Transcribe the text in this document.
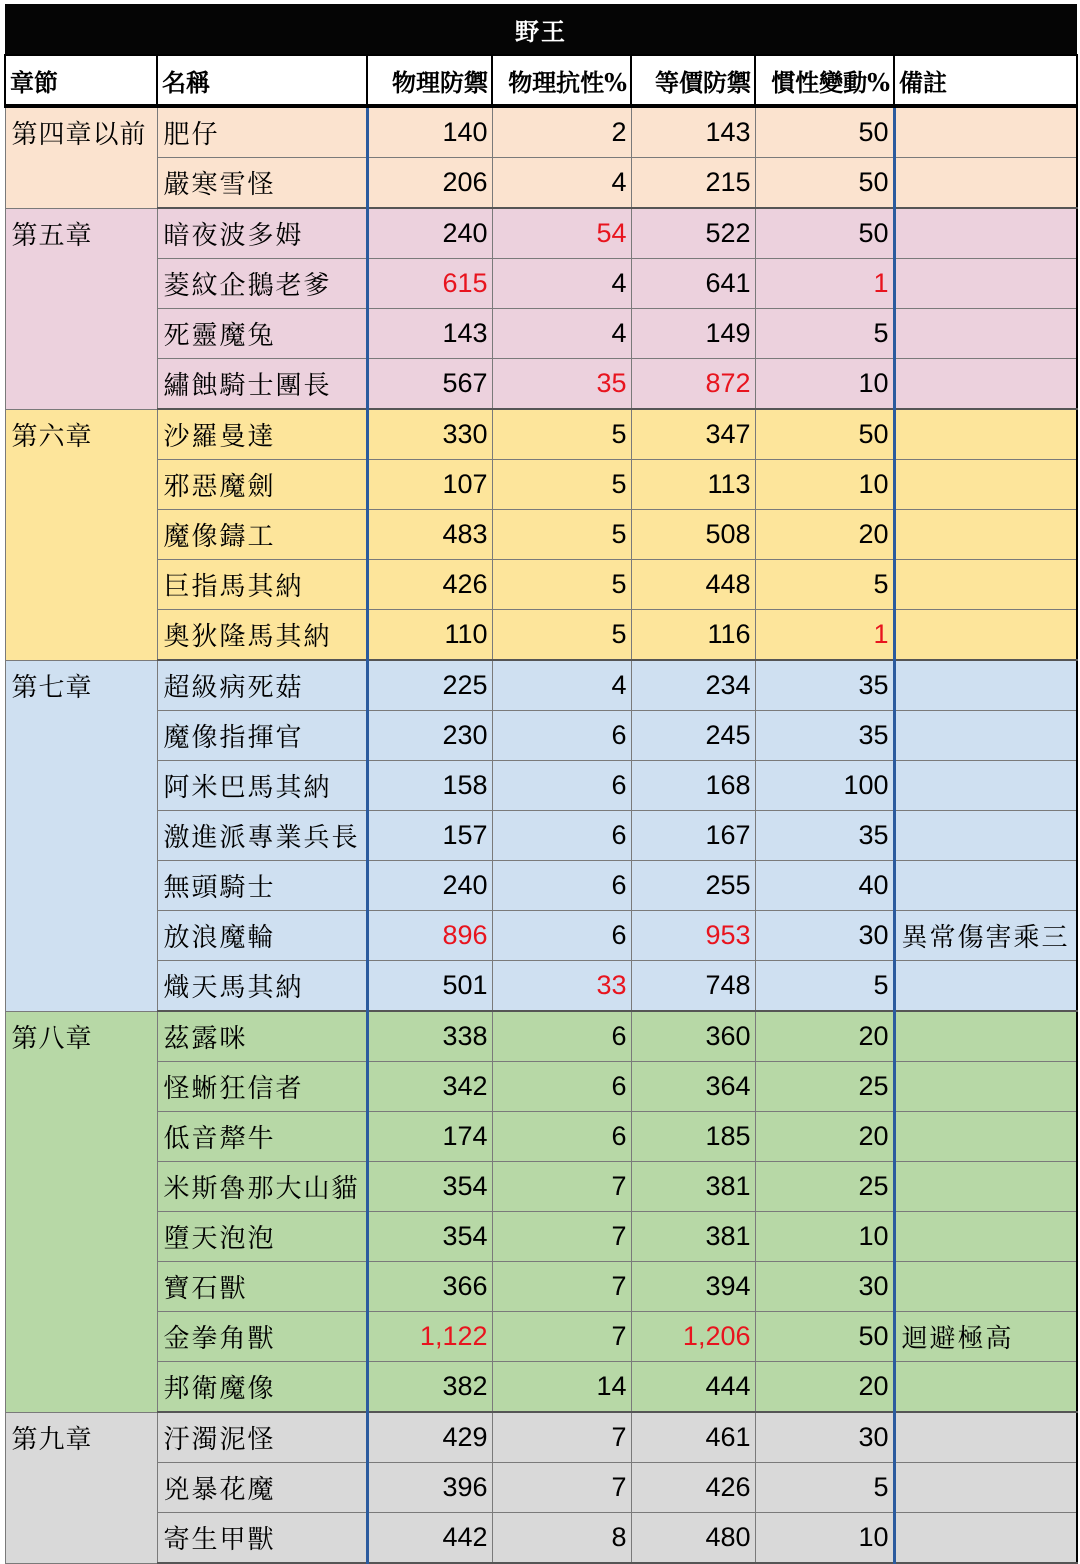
野王						
章節	名稱	物理防禦	物理抗性%	等價防禦	慣性變動%	備註
第四章以前	肥仔	140	2	143	50	
	嚴寒雪怪	206	4	215	50	
第五章	暗夜波多姆	240	54	522	50	
	菱紋企鵝老爹	615	4	641	1	
	死靈魔兔	143	4	149	5	
	繡蝕騎士團長	567	35	872	10	
第六章	沙羅曼達	330	5	347	50	
	邪惡魔劍	107	5	113	10	
	魔像鑄工	483	5	508	20	
	巨指馬其納	426	5	448	5	
	奧狄隆馬其納	110	5	116	1	
第七章	超級病死菇	225	4	234	35	
	魔像指揮官	230	6	245	35	
	阿米巴馬其納	158	6	168	100	
	激進派專業兵長	157	6	167	35	
	無頭騎士	240	6	255	40	
	放浪魔輪	896	6	953	30	異常傷害乘三
	熾天馬其納	501	33	748	5	
第八章	茲露咪	338	6	360	20	
	怪蜥狂信者	342	6	364	25	
	低音犛牛	174	6	185	20	
	米斯魯那大山貓	354	7	381	25	
	墮天泡泡	354	7	381	10	
	寶石獸	366	7	394	30	
	金拳角獸	1,122	7	1,206	50	迴避極高
	邦衛魔像	382	14	444	20	
第九章	汙濁泥怪	429	7	461	30	
	兇暴花魔	396	7	426	5	
	寄生甲獸	442	8	480	10	
